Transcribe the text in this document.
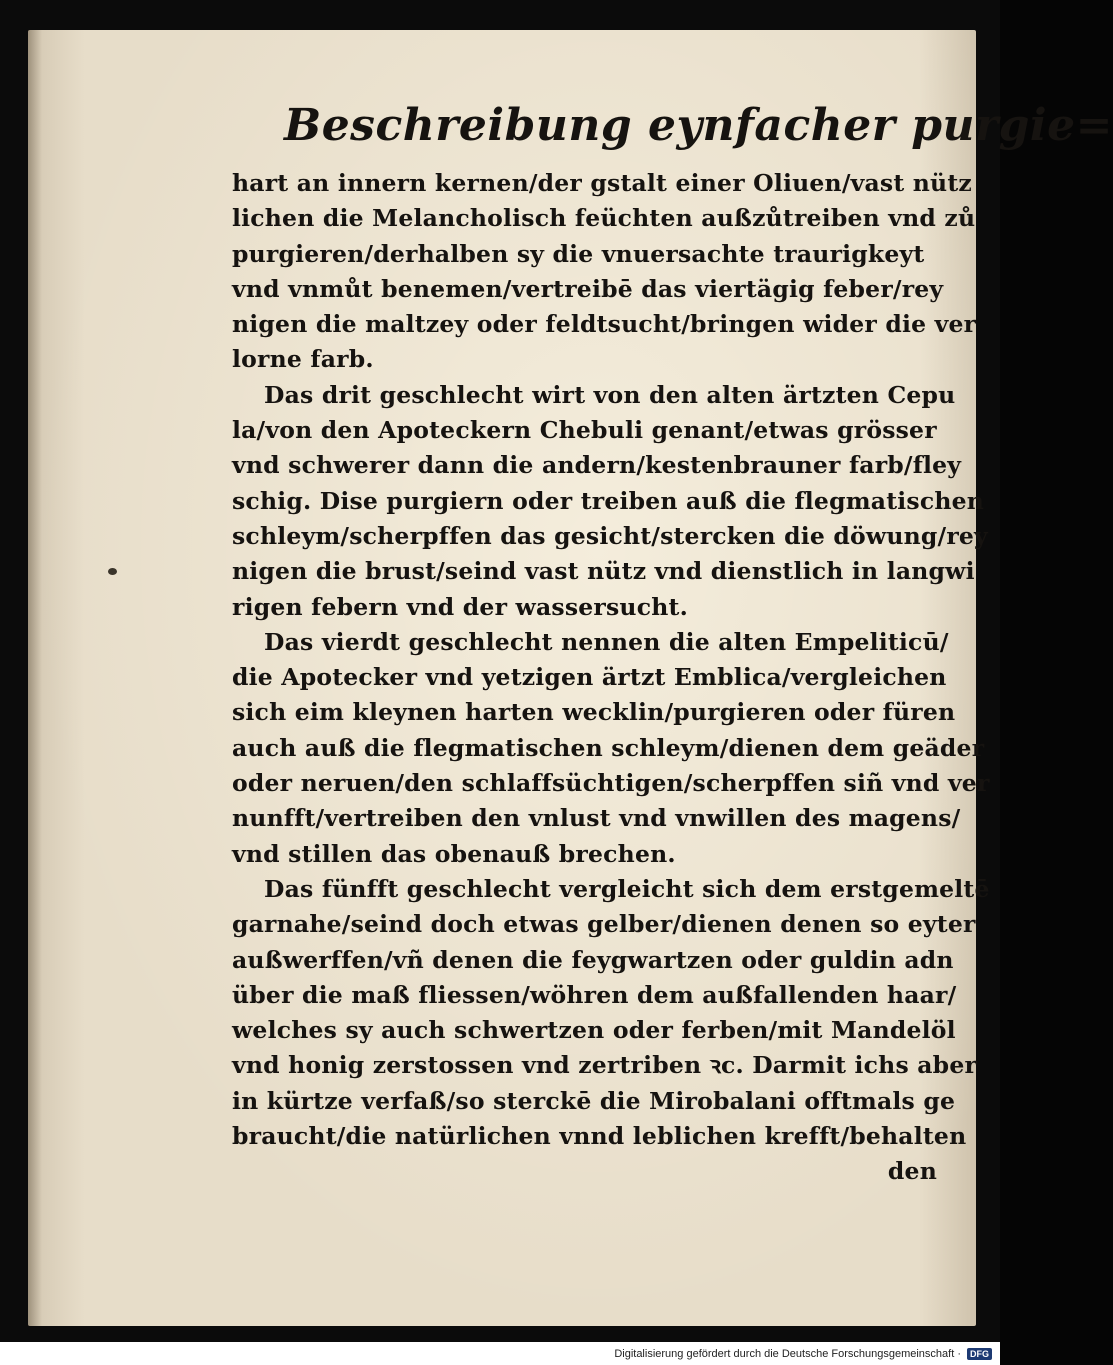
Beschreibung eynfacher purgie=
hart an innern kernen/der gstalt einer Oliuen/vast nütz
lichen die Melancholisch feüchten außzůtreiben vnd zů
purgieren/derhalben sy die vnuersachte traurigkeyt
vnd vnmůt benemen/vertreibē das viertägig feber/rey
nigen die maltzey oder feldtsucht/bringen wider die ver
lorne farb.
Das drit geschlecht wirt von den alten ärtzten Cepu
la/von den Apoteckern Chebuli genant/etwas grösser
vnd schwerer dann die andern/kestenbrauner farb/fley
schig. Dise purgiern oder treiben auß die flegmatischen
schleym/scherpffen das gesicht/stercken die döwung/rey
nigen die brust/seind vast nütz vnd dienstlich in langwi
rigen febern vnd der wassersucht.
Das vierdt geschlecht nennen die alten Empeliticū/
die Apotecker vnd yetzigen ärtzt Emblica/vergleichen
sich eim kleynen harten wecklin/purgieren oder füren
auch auß die flegmatischen schleym/dienen dem geäder
oder neruen/den schlaffsüchtigen/scherpffen siñ vnd ver
nunfft/vertreiben den vnlust vnd vnwillen des magens/
vnd stillen das obenauß brechen.
Das fünfft geschlecht vergleicht sich dem erstgemeltē
garnahe/seind doch etwas gelber/dienen denen so eyter
außwerffen/vñ denen die feygwartzen oder guldin adn
über die maß fliessen/wöhren dem außfallenden haar/
welches sy auch schwertzen oder ferben/mit Mandelöl
vnd honig zerstossen vnd zertriben ꝛc. Darmit ichs aber
in kürtze verfaß/so sterckē die Mirobalani offtmals ge
braucht/die natürlichen vnnd leblichen krefft/behalten
den
Digitalisierung gefördert durch die Deutsche Forschungsgemeinschaft ·	DFG
